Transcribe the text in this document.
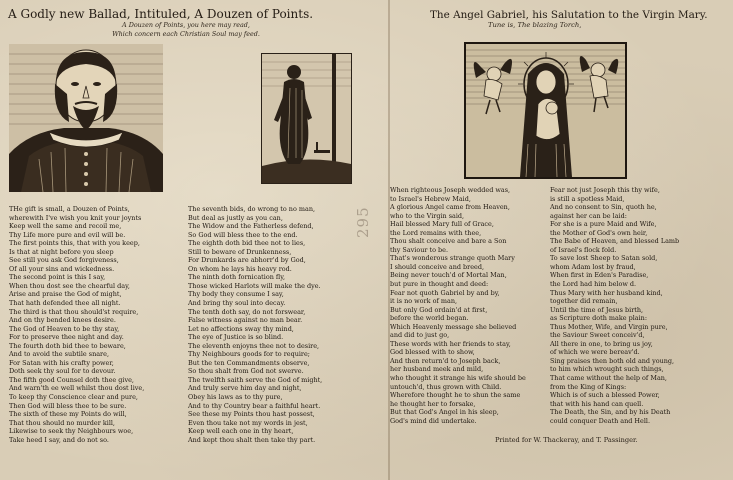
A Godly new Ballad, Intituled, A Douzen of Points.
A Douzen of Points, you here may read,
Which concern each Christian Soul may feed.
The Angel Gabriel, his Salutation to the Virgin Mary.
Tune is, The blazing Torch,
295
THe gift is small, a Douzen of Points,
wherewith I've wish you knit your joynts
Keep well the same and recoil me,
Thy Life more pure and evil will be.
The first points this, that with you keep,
Is that at night before you sleep
See still you ask God forgiveness,
Of all your sins and wickedness.
The second point is this I say,
When thou dost see the chearful day,
Arise and praise the God of might,
That hath defended thee all night.
The third is that thou should'st require,
And on thy bended knees desire.
The God of Heaven to be thy stay,
For to preserve thee night and day.
The fourth doth bid thee to beware,
And to avoid the subtile snare,
For Satan with his crafty power,
Doth seek thy soul for to devour.
The fifth good Counsel doth thee give,
And warn'th ee well whilst thou dost live,
To keep thy Conscience clear and pure,
Then God will bless thee to be sure.
The sixth of these my Points do will,
That thou should no murder kill,
Likewise to seek thy Neighbours woe,
Take heed I say, and do not so.
The seventh bids, do wrong to no man,
But deal as justly as you can,
The Widow and the Fatherless defend,
So God will bless thee to the end.
The eighth doth bid thee not to lies,
Still to beware of Drunkenness,
For Drunkards are abhorr'd by God,
On whom he lays his heavy rod.
The ninth doth fornication fly,
Those wicked Harlots will make the dye.
Thy body they consume I say,
And bring thy soul into decay.
The tenth doth say, do not forswear,
False witness against no man bear.
Let no affections sway thy mind,
The eye of Justice is so blind.
The eleventh enjoyns thee not to desire,
Thy Neighbours goods for to require;
But the ten Commandments observe,
So thou shalt from God not swerve.
The twelfth saith serve the God of might,
And truly serve him day and night,
Obey his laws as to thy pure,
And to thy Country bear a faithful heart.
See these my Points thou hast possest,
Even thou take not my words in jest,
Keep well each one in thy heart,
And kept thou shalt then take thy part.
When righteous Joseph wedded was,
to Israel's Hebrew Maid,
A glorious Angel came from Heaven,
who to the Virgin said,
Hail blessed Mary full of Grace,
the Lord remains with thee,
Thou shalt conceive and bare a Son
thy Saviour to be.
That's wonderous strange quoth Mary
I should conceive and breed,
Being never touch'd of Mortal Man,
but pure in thought and deed:
Fear not quoth Gabriel by and by,
it is no work of man,
But only God ordain'd at first,
before the world began.
Which Heavenly message she believed
and did to just go,
These words with her friends to stay,
God blessed with to show,
And then return'd to Joseph back,
her husband meek and mild,
who thought it strange his wife should be
untouch'd, thus grown with Child.
Wherefore thought he to shun the same
he thought her to forsake,
But that God's Angel in his sleep,
God's mind did undertake.
Fear not just Joseph this thy wife,
is still a spotless Maid,
And no consent to Sin, quoth he,
against her can be laid:
For she is a pure Maid and Wife,
the Mother of God's own heir,
The Babe of Heaven, and blessed Lamb
of Israel's flock fold.
To save lost Sheep to Satan sold,
whom Adam lost by fraud,
When first in Eden's Paradise,
the Lord had him below d.
Thus Mary with her husband kind,
together did remain,
Until the time of Jesus birth,
as Scripture doth make plain:
Thus Mother, Wife, and Virgin pure,
the Saviour Sweet conceiv'd,
All there in one, to bring us joy,
of which we were bereav'd.
Sing praises then both old and young,
to him which wrought such things,
That came without the help of Man,
from the King of Kings:
Which is of such a blessed Power,
that with his hand can quell.
The Death, the Sin, and by his Death
could conquer Death and Hell.
Printed for W. Thackeray, and T. Passinger.
